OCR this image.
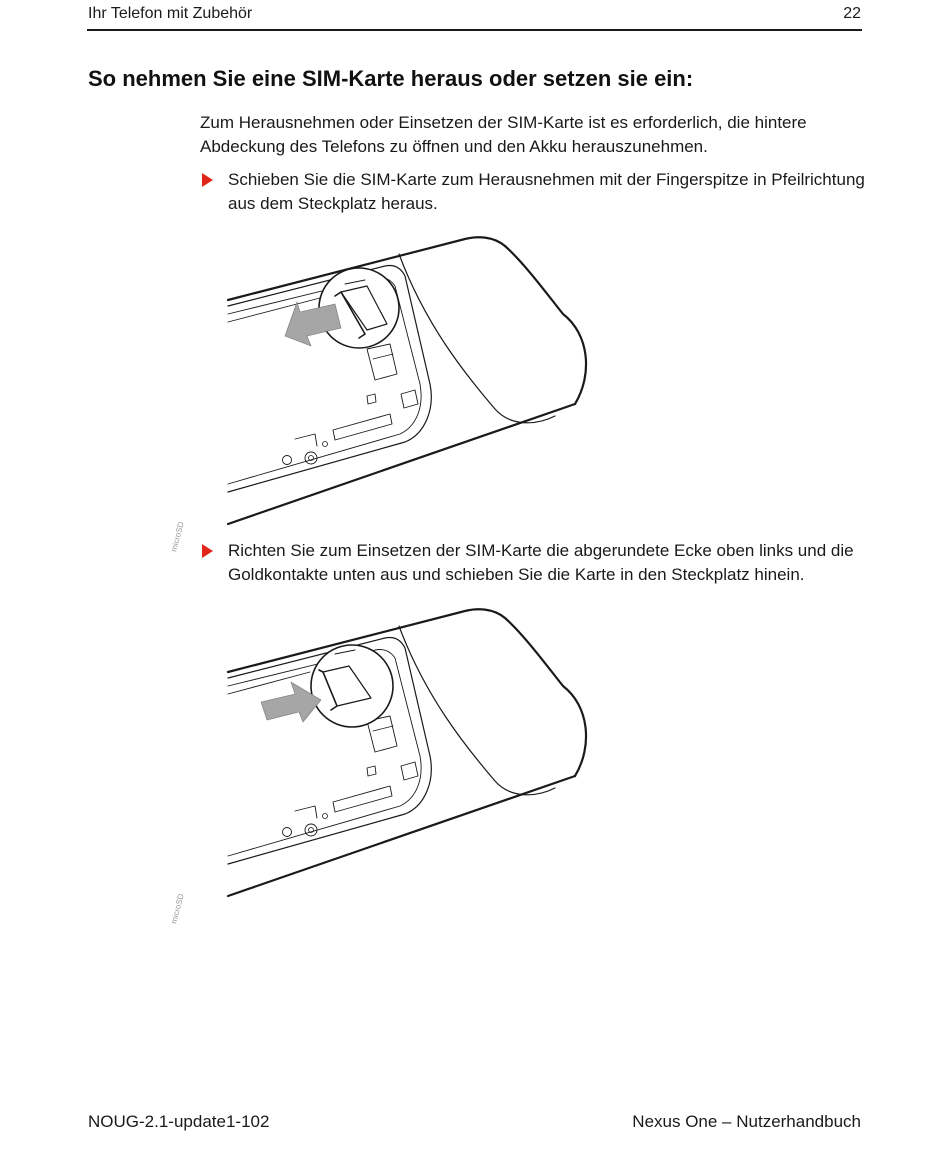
Ihr Telefon mit Zubehör	22
So nehmen Sie eine SIM-Karte heraus oder setzen sie ein:

Zum Herausnehmen oder Einsetzen der SIM-Karte ist es erforderlich, die hintere Abdeckung des Telefons zu öffnen und den Akku herauszunehmen.

Schieben Sie die SIM-Karte zum Herausnehmen mit der Fingerspitze in Pfeilrichtung aus dem Steckplatz heraus.
microSD Richten Sie zum Einsetzen der SIM-Karte die abgerundete Ecke oben links und die Goldkontakte unten aus und schieben Sie die Karte in den Steckplatz hinein.
microSD
NOUG-2.1-update1-102	Nexus One – Nutzerhandbuch
